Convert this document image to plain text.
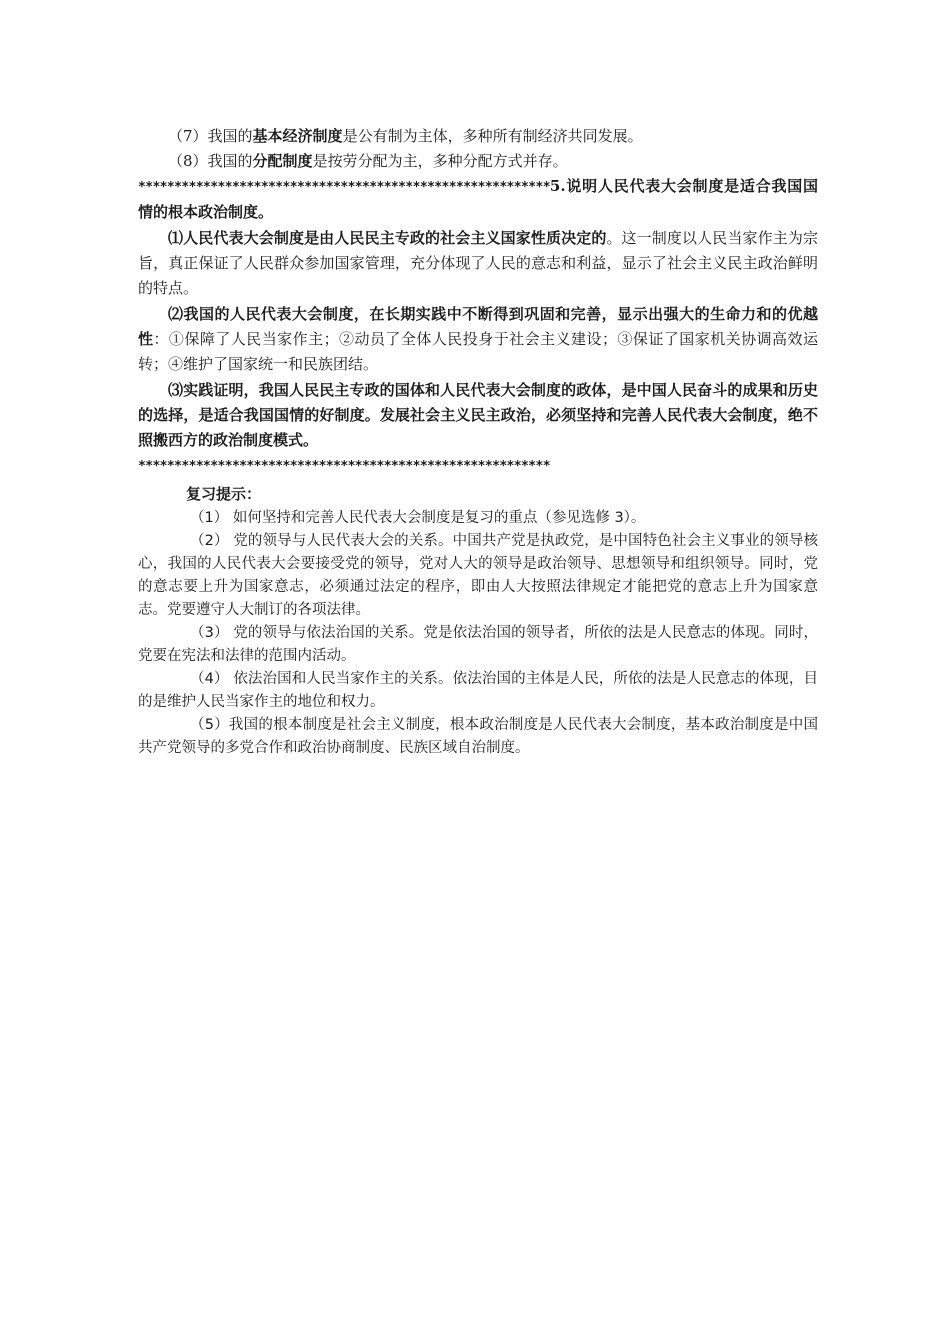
（7）我国的基本经济制度是公有制为主体，多种所有制经济共同发展。

（8）我国的分配制度是按劳分配为主，多种分配方式并存。

*********************************************************5.说明人民代表大会制度是适合我国国情的根本政治制度。

⑴人民代表大会制度是由人民民主专政的社会主义国家性质决定的。这一制度以人民当家作主为宗旨，真正保证了人民群众参加国家管理，充分体现了人民的意志和利益，显示了社会主义民主政治鲜明的特点。

⑵我国的人民代表大会制度，在长期实践中不断得到巩固和完善，显示出强大的生命力和的优越性：①保障了人民当家作主；②动员了全体人民投身于社会主义建设；③保证了国家机关协调高效运转；④维护了国家统一和民族团结。

⑶实践证明，我国人民民主专政的国体和人民代表大会制度的政体，是中国人民奋斗的成果和历史的选择，是适合我国国情的好制度。发展社会主义民主政治，必须坚持和完善人民代表大会制度，绝不照搬西方的政治制度模式。

*********************************************************

复习提示：

（1） 如何坚持和完善人民代表大会制度是复习的重点（参见选修 3）。

（2） 党的领导与人民代表大会的关系。中国共产党是执政党，是中国特色社会主义事业的领导核心，我国的人民代表大会要接受党的领导，党对人大的领导是政治领导、思想领导和组织领导。同时，党的意志要上升为国家意志，必须通过法定的程序，即由人大按照法律规定才能把党的意志上升为国家意志。党要遵守人大制订的各项法律。

（3） 党的领导与依法治国的关系。党是依法治国的领导者，所依的法是人民意志的体现。同时，党要在宪法和法律的范围内活动。

（4） 依法治国和人民当家作主的关系。依法治国的主体是人民，所依的法是人民意志的体现，目的是维护人民当家作主的地位和权力。

（5）我国的根本制度是社会主义制度，根本政治制度是人民代表大会制度，基本政治制度是中国共产党领导的多党合作和政治协商制度、民族区域自治制度。
